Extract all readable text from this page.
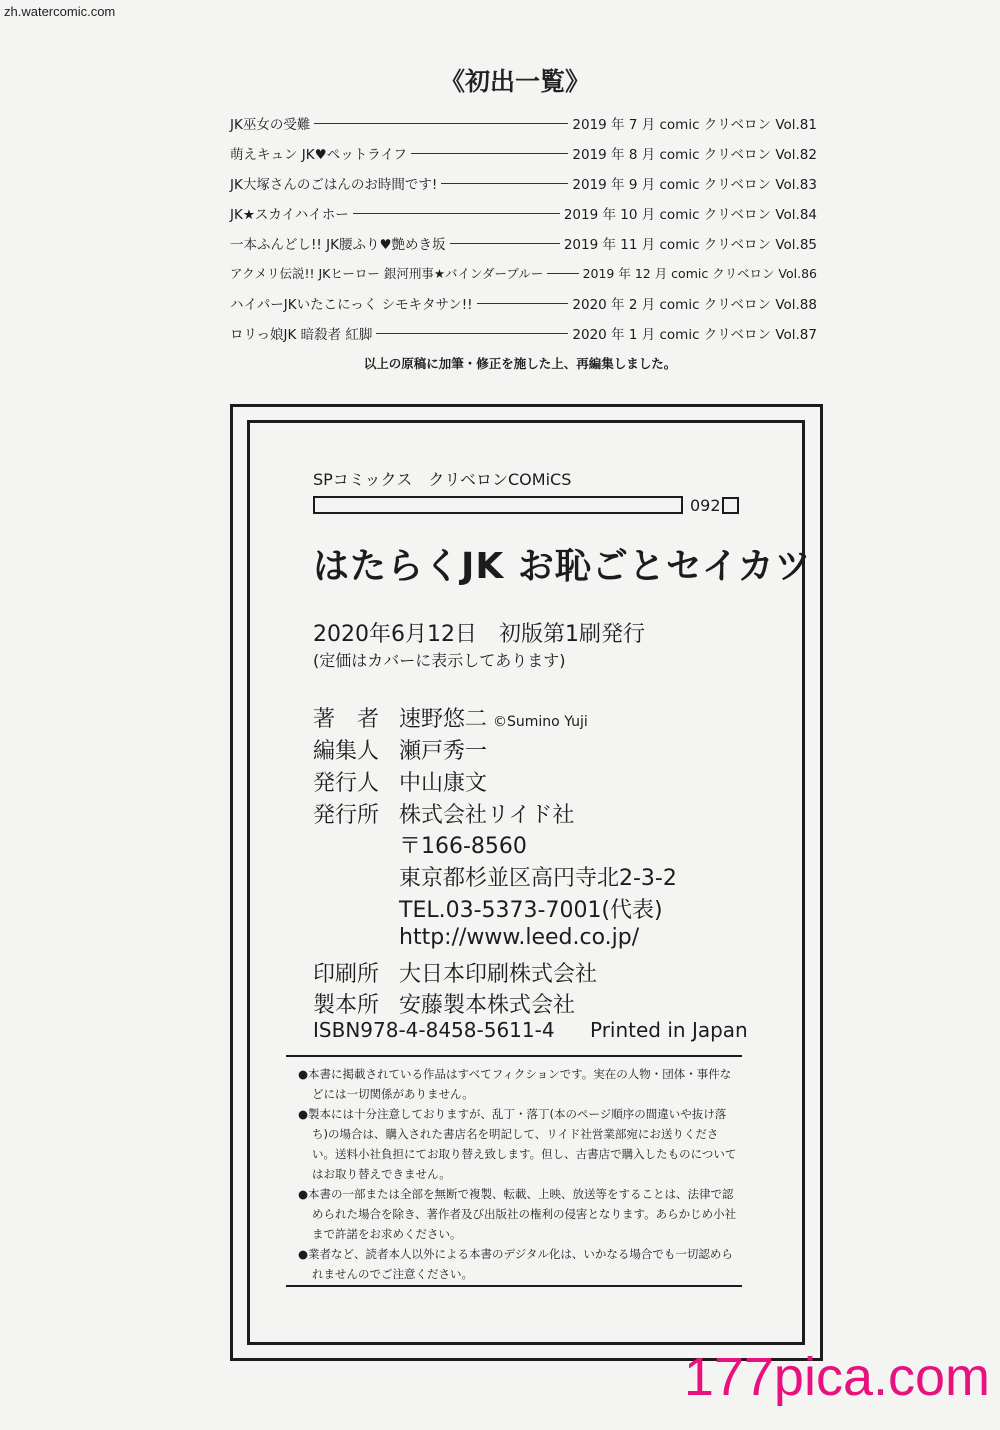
zh.watercomic.com
《初出一覧》
JK巫女の受難	2019 年 7 月 comic クリベロン Vol.81
萌えキュン JK♥ペットライフ	2019 年 8 月 comic クリベロン Vol.82
JK大塚さんのごはんのお時間です!	2019 年 9 月 comic クリベロン Vol.83
JK★スカイハイホー	2019 年 10 月 comic クリベロン Vol.84
一本ふんどし!! JK腰ふり♥艶めき坂	2019 年 11 月 comic クリベロン Vol.85
アクメリ伝説!! JKヒーロー 銀河刑事★バインダーブルー	2019 年 12 月 comic クリベロン Vol.86
ハイパーJKいたこにっく シモキタサン!!	2020 年 2 月 comic クリベロン Vol.88
ロリっ娘JK 暗殺者 紅脚	2020 年 1 月 comic クリベロン Vol.87
以上の原稿に加筆・修正を施した上、再編集しました。
SPコミックス　クリベロンCOMiCS
092
はたらくJK お恥ごとセイカツ
2020年6月12日　初版第1刷発行
(定価はカバーに表示してあります)
著　者 速野悠二 ©Sumino Yuji
編集人 瀬戸秀一
発行人 中山康文
発行所 株式会社リイド社
〒166-8560
東京都杉並区高円寺北2-3-2
TEL.03-5373-7001(代表)
http://www.leed.co.jp/
印刷所 大日本印刷株式会社
製本所 安藤製本株式会社
ISBN978-4-8458-5611-4 Printed in Japan

●本書に掲載されている作品はすべてフィクションです。実在の人物・団体・事件などには一切関係がありません。

●製本には十分注意しておりますが、乱丁・落丁(本のページ順序の間違いや抜け落ち)の場合は、購入された書店名を明記して、リイド社営業部宛にお送りください。送料小社負担にてお取り替え致します。但し、古書店で購入したものについてはお取り替えできません。

●本書の一部または全部を無断で複製、転載、上映、放送等をすることは、法律で認められた場合を除き、著作者及び出版社の権利の侵害となります。あらかじめ小社まで許諾をお求めください。

●業者など、読者本人以外による本書のデジタル化は、いかなる場合でも一切認められませんのでご注意ください。

177pica.com
